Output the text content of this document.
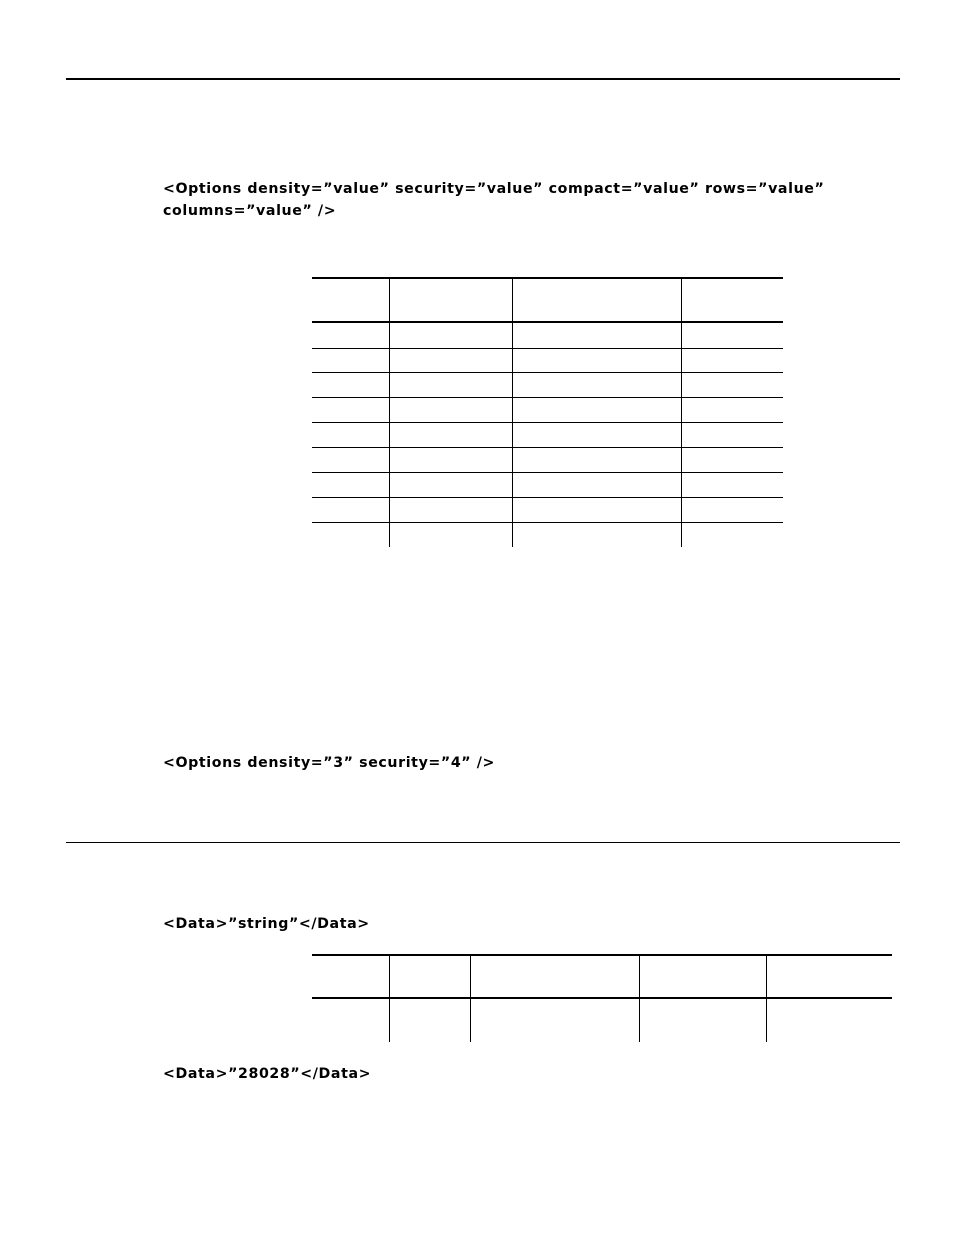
<Options density=”value” security=”value” compact=”value” rows=”value”
columns=”value” />
<Options density=”3” security=”4” />
<Data>”string”</Data>
<Data>”28028”</Data>
